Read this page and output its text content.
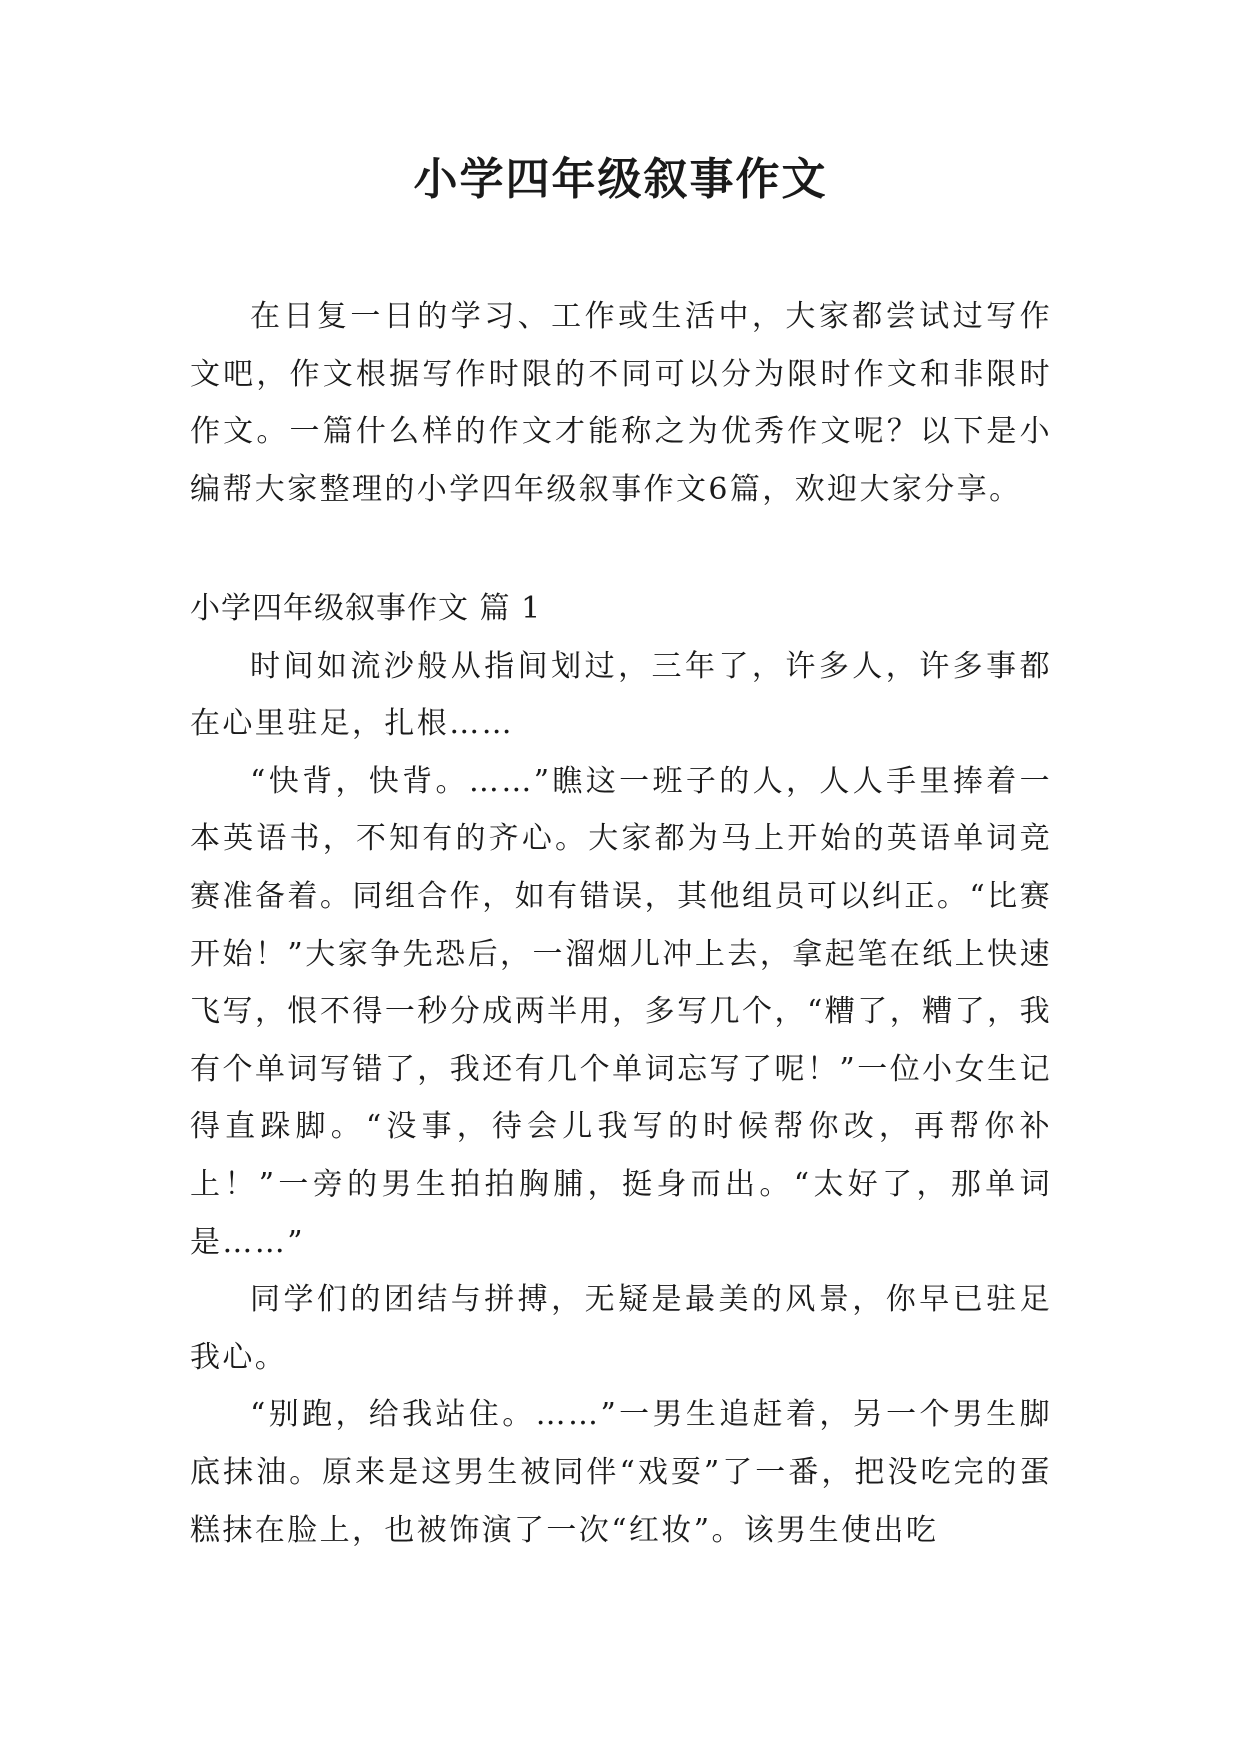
小学四年级叙事作文

在日复一日的学习、工作或生活中，大家都尝试过写作文吧，作文根据写作时限的不同可以分为限时作文和非限时作文。一篇什么样的作文才能称之为优秀作文呢？以下是小编帮大家整理的小学四年级叙事作文6篇，欢迎大家分享。

小学四年级叙事作文 篇 1

时间如流沙般从指间划过，三年了，许多人，许多事都在心里驻足，扎根……

“快背，快背。……”瞧这一班子的人，人人手里捧着一本英语书，不知有的齐心。大家都为马上开始的英语单词竞赛准备着。同组合作，如有错误，其他组员可以纠正。“比赛开始！”大家争先恐后，一溜烟儿冲上去，拿起笔在纸上快速飞写，恨不得一秒分成两半用，多写几个，“糟了，糟了，我有个单词写错了，我还有几个单词忘写了呢！”一位小女生记得直跺脚。“没事，待会儿我写的时候帮你改，再帮你补上！”一旁的男生拍拍胸脯，挺身而出。“太好了，那单词是……”

同学们的团结与拼搏，无疑是最美的风景，你早已驻足我心。

“别跑，给我站住。……”一男生追赶着，另一个男生脚底抹油。原来是这男生被同伴“戏耍”了一番，把没吃完的蛋糕抹在脸上，也被饰演了一次“红妆”。该男生使出吃
